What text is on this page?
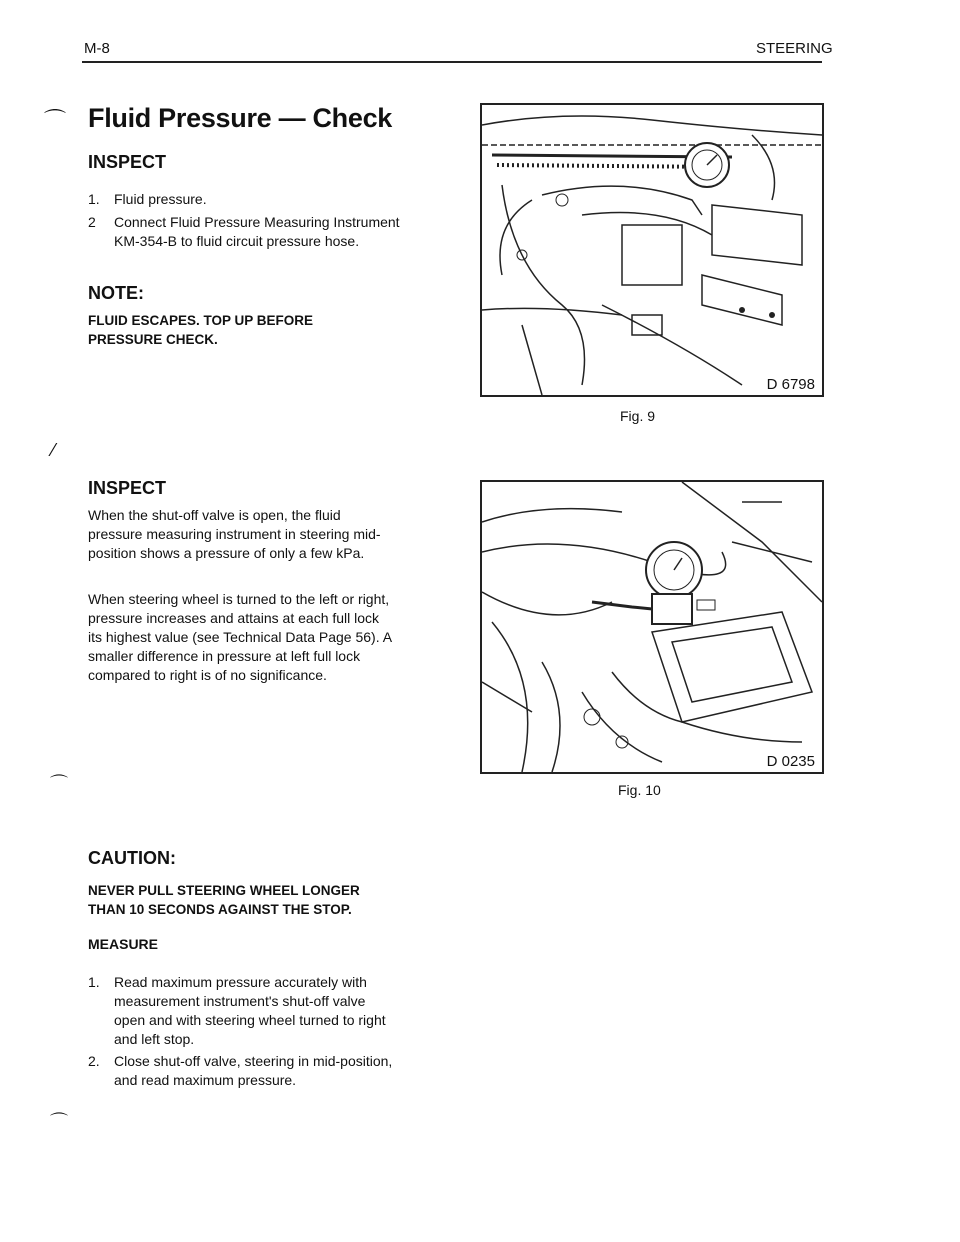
M-8	STEERING
⌒
⁄
⌒
⌒
Fluid Pressure — Check
INSPECT
1. Fluid pressure.
2 Connect Fluid Pressure Measuring Instrument KM-354-B to fluid circuit pressure hose.
NOTE:
FLUID ESCAPES. TOP UP BEFORE PRESSURE CHECK.
INSPECT
When the shut-off valve is open, the fluid pressure measuring instrument in steering mid-position shows a pressure of only a few kPa.
When steering wheel is turned to the left or right, pressure increases and attains at each full lock its highest value (see Technical Data Page 56). A smaller difference in pressure at left full lock compared to right is of no significance.
CAUTION:
NEVER PULL STEERING WHEEL LONGER THAN 10 SECONDS AGAINST THE STOP.
MEASURE
1. Read maximum pressure accurately with measurement instrument's shut-off valve open and with steering wheel turned to right and left stop.
2. Close shut-off valve, steering in mid-position, and read maximum pressure.
D 6798
Fig. 9
D 0235
Fig. 10
